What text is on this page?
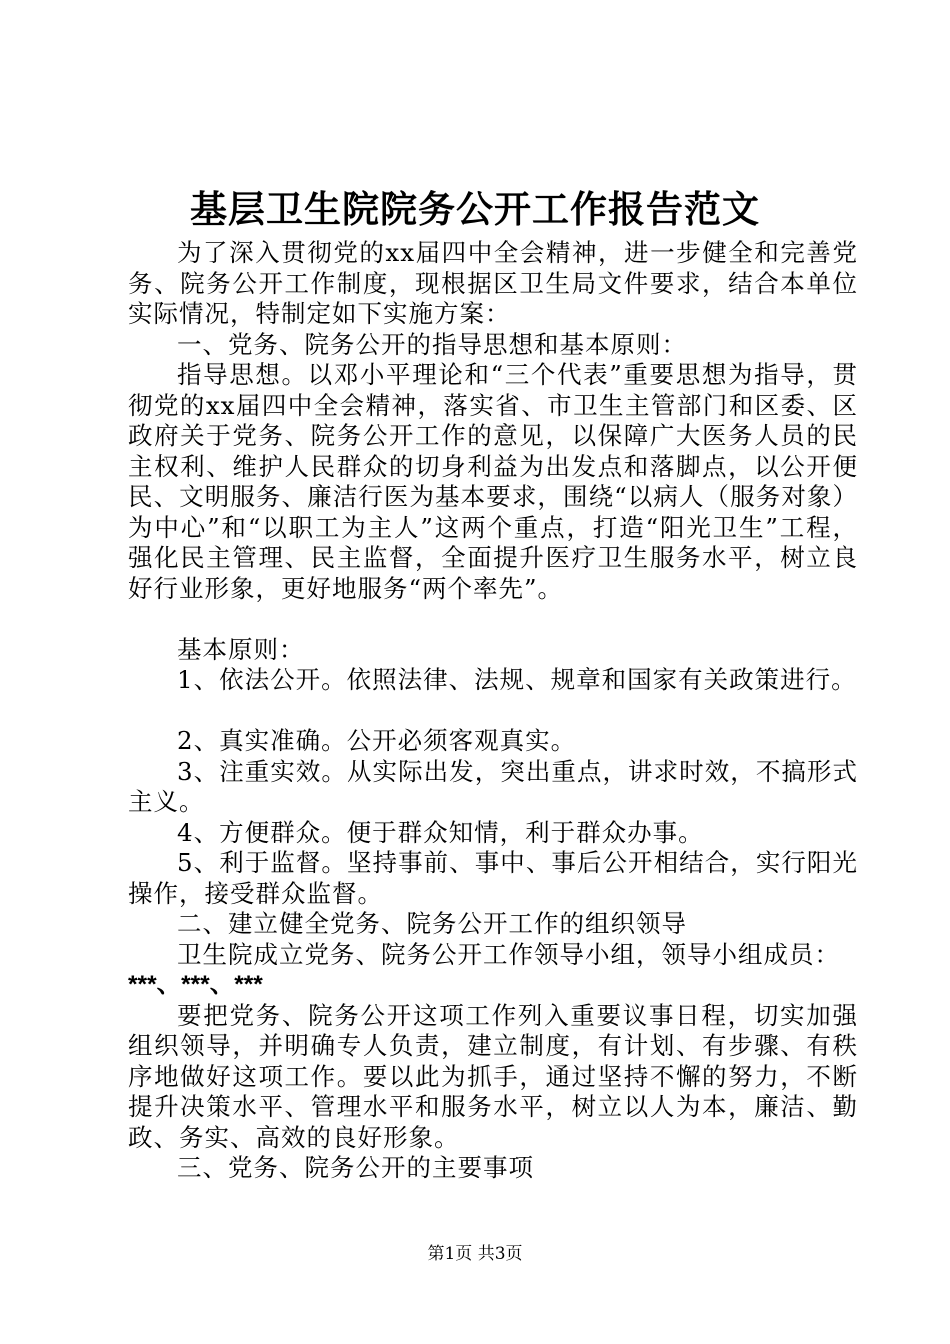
基层卫生院院务公开工作报告范文

为了深入贯彻党的xx届四中全会精神，进一步健全和完善党务、院务公开工作制度，现根据区卫生局文件要求，结合本单位实际情况，特制定如下实施方案：

一、党务、院务公开的指导思想和基本原则：

指导思想。以邓小平理论和“三个代表”重要思想为指导，贯彻党的xx届四中全会精神，落实省、市卫生主管部门和区委、区政府关于党务、院务公开工作的意见，以保障广大医务人员的民主权利、维护人民群众的切身利益为出发点和落脚点，以公开便民、文明服务、廉洁行医为基本要求，围绕“以病人（服务对象）为中心”和“以职工为主人”这两个重点，打造“阳光卫生”工程，强化民主管理、民主监督，全面提升医疗卫生服务水平，树立良好行业形象，更好地服务“两个率先”。

基本原则：

1、依法公开。依照法律、法规、规章和国家有关政策进行。

2、真实准确。公开必须客观真实。

3、注重实效。从实际出发，突出重点，讲求时效，不搞形式主义。

4、方便群众。便于群众知情，利于群众办事。

5、利于监督。坚持事前、事中、事后公开相结合，实行阳光操作，接受群众监督。

二、建立健全党务、院务公开工作的组织领导

卫生院成立党务、院务公开工作领导小组，领导小组成员：

***、***、***

要把党务、院务公开这项工作列入重要议事日程，切实加强组织领导，并明确专人负责，建立制度，有计划、有步骤、有秩序地做好这项工作。要以此为抓手，通过坚持不懈的努力，不断提升决策水平、管理水平和服务水平，树立以人为本，廉洁、勤政、务实、高效的良好形象。

三、党务、院务公开的主要事项

第1页 共3页
